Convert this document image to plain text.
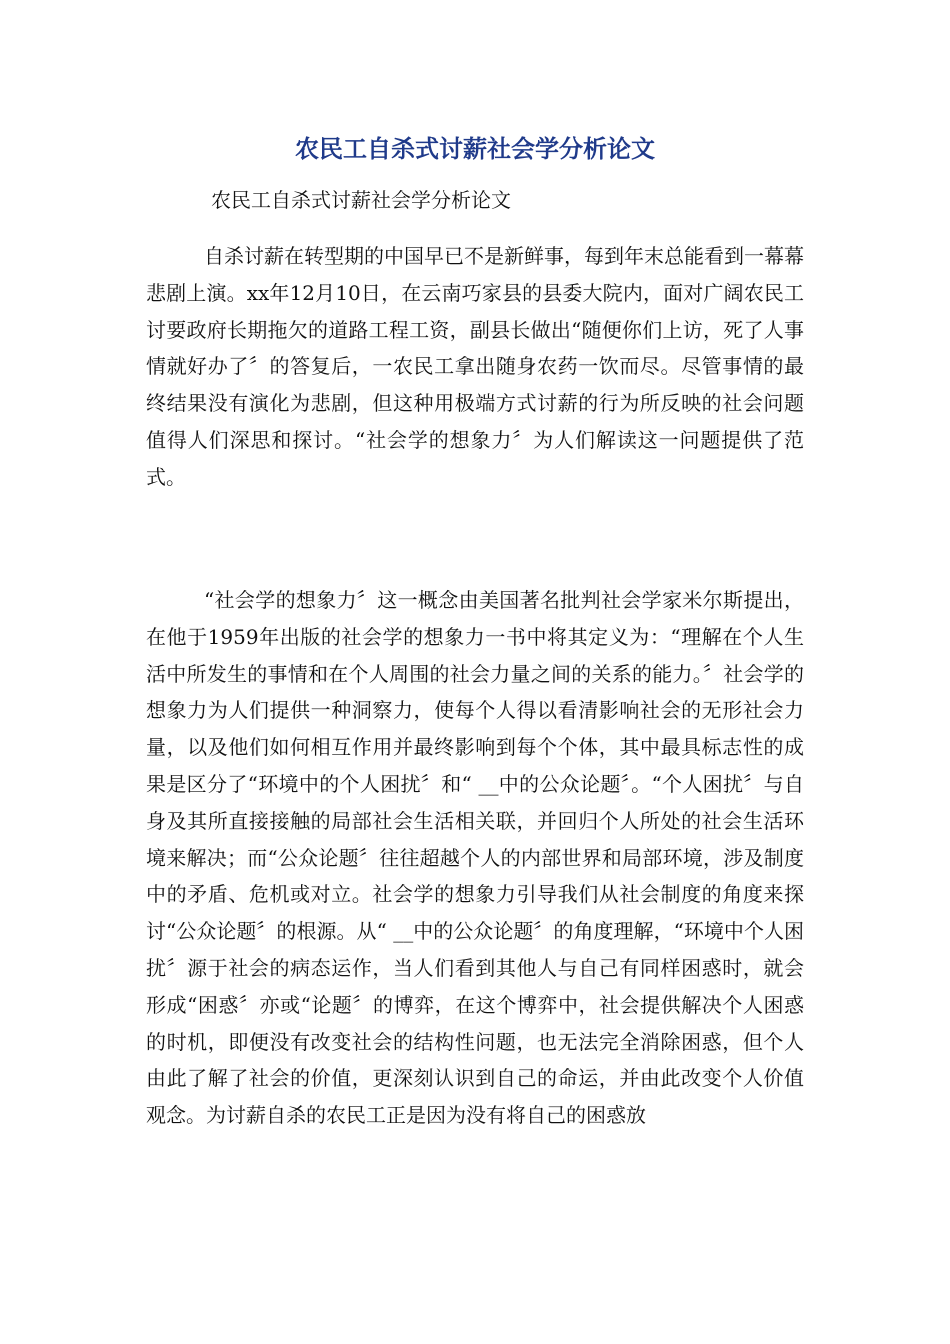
农民工自杀式讨薪社会学分析论文
农民工自杀式讨薪社会学分析论文

自杀讨薪在转型期的中国早已不是新鲜事，每到年末总能看到一幕幕悲剧上演。xx年12月10日，在云南巧家县的县委大院内，面对广阔农民工讨要政府长期拖欠的道路工程工资，副县长做出“随便你们上访，死了人事情就好办了〞的答复后，一农民工拿出随身农药一饮而尽。尽管事情的最终结果没有演化为悲剧，但这种用极端方式讨薪的行为所反映的社会问题值得人们深思和探讨。“社会学的想象力〞为人们解读这一问题提供了范式。

“社会学的想象力〞这一概念由美国著名批判社会学家米尔斯提出，在他于1959年出版的社会学的想象力一书中将其定义为：“理解在个人生活中所发生的事情和在个人周围的社会力量之间的关系的能力。〞社会学的想象力为人们提供一种洞察力，使每个人得以看清影响社会的无形社会力量，以及他们如何相互作用并最终影响到每个个体，其中最具标志性的成果是区分了“环境中的个人困扰〞和“ __中的公众论题〞。“个人困扰〞与自身及其所直接接触的局部社会生活相关联，并回归个人所处的社会生活环境来解决；而“公众论题〞往往超越个人的内部世界和局部环境，涉及制度中的矛盾、危机或对立。社会学的想象力引导我们从社会制度的角度来探讨“公众论题〞的根源。从“ __中的公众论题〞的角度理解，“环境中个人困扰〞源于社会的病态运作，当人们看到其他人与自己有同样困惑时，就会形成“困惑〞亦或“论题〞的博弈，在这个博弈中，社会提供解决个人困惑的时机，即便没有改变社会的结构性问题，也无法完全消除困惑，但个人由此了解了社会的价值，更深刻认识到自己的命运，并由此改变个人价值观念。为讨薪自杀的农民工正是因为没有将自己的困惑放
